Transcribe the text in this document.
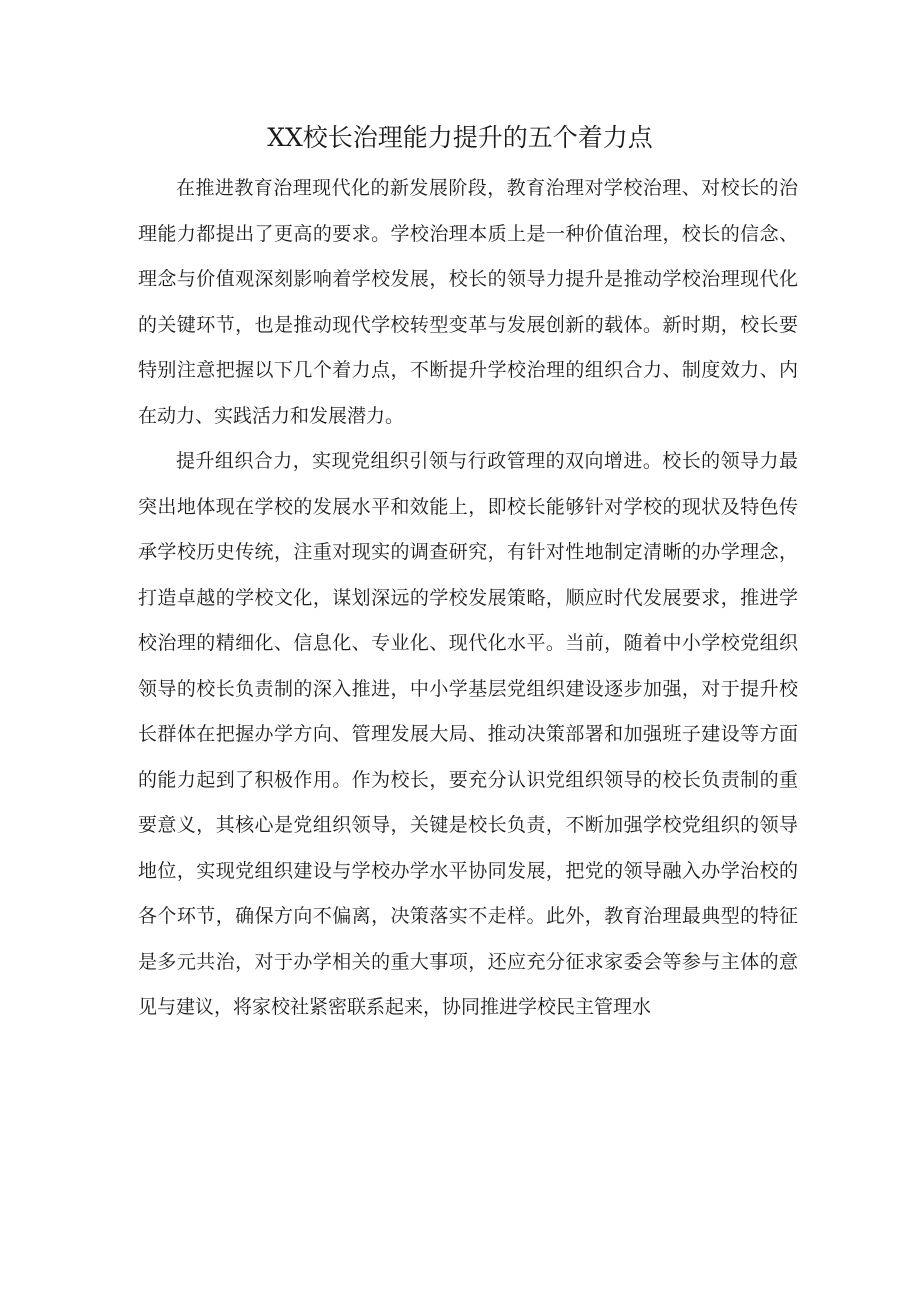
XX校长治理能力提升的五个着力点

在推进教育治理现代化的新发展阶段，教育治理对学校治理、对校长的治理能力都提出了更高的要求。学校治理本质上是一种价值治理，校长的信念、理念与价值观深刻影响着学校发展，校长的领导力提升是推动学校治理现代化的关键环节，也是推动现代学校转型变革与发展创新的载体。新时期，校长要特别注意把握以下几个着力点，不断提升学校治理的组织合力、制度效力、内在动力、实践活力和发展潜力。

提升组织合力，实现党组织引领与行政管理的双向增进。校长的领导力最突出地体现在学校的发展水平和效能上，即校长能够针对学校的现状及特色传承学校历史传统，注重对现实的调查研究，有针对性地制定清晰的办学理念，打造卓越的学校文化，谋划深远的学校发展策略，顺应时代发展要求，推进学校治理的精细化、信息化、专业化、现代化水平。当前，随着中小学校党组织领导的校长负责制的深入推进，中小学基层党组织建设逐步加强，对于提升校长群体在把握办学方向、管理发展大局、推动决策部署和加强班子建设等方面的能力起到了积极作用。作为校长，要充分认识党组织领导的校长负责制的重要意义，其核心是党组织领导，关键是校长负责，不断加强学校党组织的领导地位，实现党组织建设与学校办学水平协同发展，把党的领导融入办学治校的各个环节，确保方向不偏离，决策落实不走样。此外，教育治理最典型的特征是多元共治，对于办学相关的重大事项，还应充分征求家委会等参与主体的意见与建议，将家校社紧密联系起来，协同推进学校民主管理水
